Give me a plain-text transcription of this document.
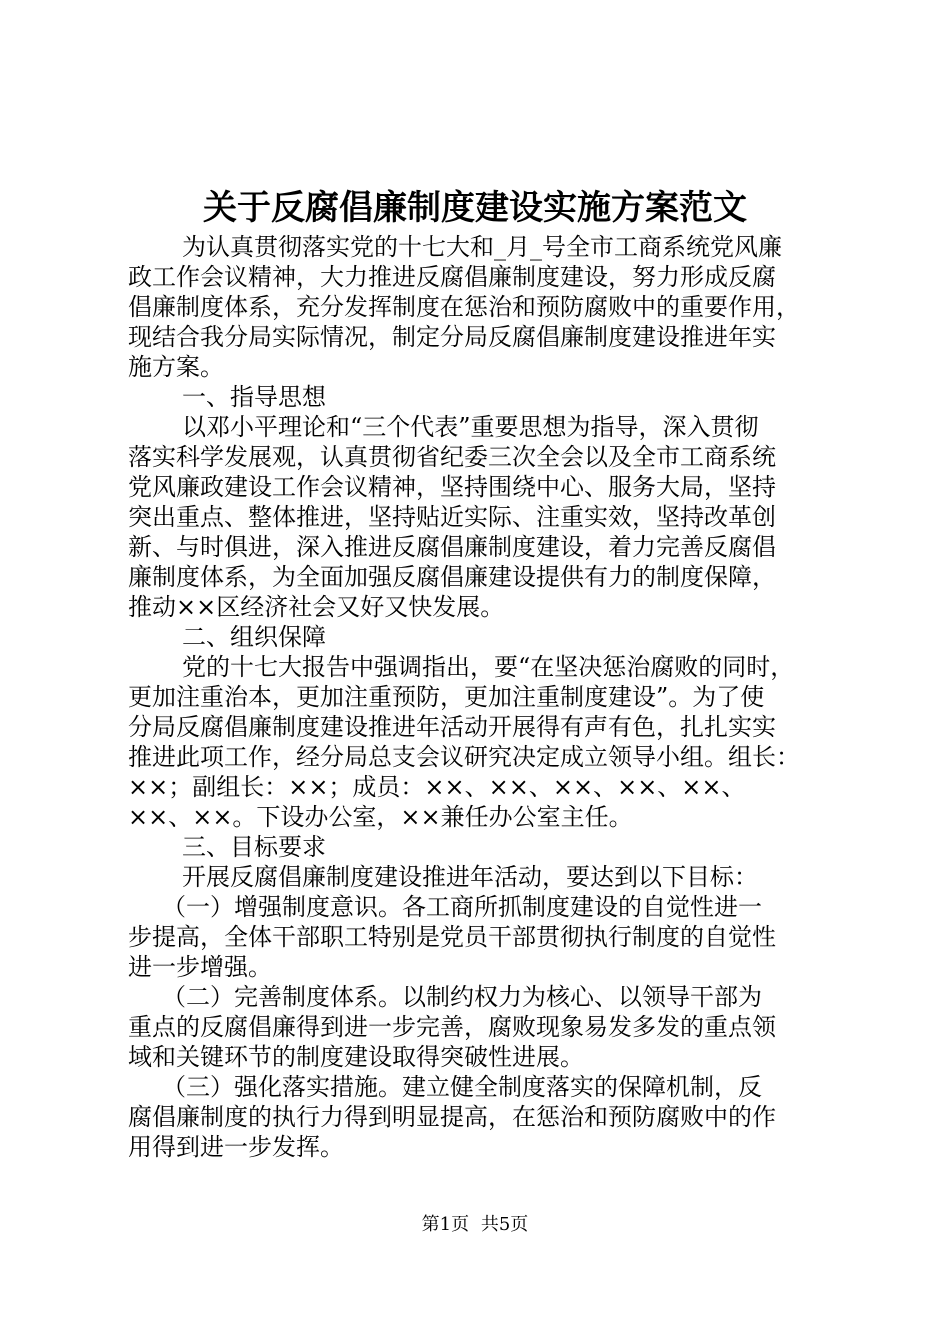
关于反腐倡廉制度建设实施方案范文
为认真贯彻落实党的十七大和_月_号全市工商系统党风廉
政工作会议精神，大力推进反腐倡廉制度建设，努力形成反腐
倡廉制度体系，充分发挥制度在惩治和预防腐败中的重要作用，
现结合我分局实际情况，制定分局反腐倡廉制度建设推进年实
施方案。
一、指导思想
以邓小平理论和“三个代表”重要思想为指导，深入贯彻
落实科学发展观，认真贯彻省纪委三次全会以及全市工商系统
党风廉政建设工作会议精神，坚持围绕中心、服务大局，坚持
突出重点、整体推进，坚持贴近实际、注重实效，坚持改革创
新、与时俱进，深入推进反腐倡廉制度建设，着力完善反腐倡
廉制度体系，为全面加强反腐倡廉建设提供有力的制度保障，
推动××区经济社会又好又快发展。
二、组织保障
党的十七大报告中强调指出，要“在坚决惩治腐败的同时，
更加注重治本，更加注重预防，更加注重制度建设”。为了使
分局反腐倡廉制度建设推进年活动开展得有声有色，扎扎实实
推进此项工作，经分局总支会议研究决定成立领导小组。组长：
××；副组长：××；成员：××、××、××、××、××、
××、××。下设办公室，××兼任办公室主任。
三、目标要求
开展反腐倡廉制度建设推进年活动，要达到以下目标：
（一）增强制度意识。各工商所抓制度建设的自觉性进一
步提高，全体干部职工特别是党员干部贯彻执行制度的自觉性
进一步增强。
（二）完善制度体系。以制约权力为核心、以领导干部为
重点的反腐倡廉得到进一步完善，腐败现象易发多发的重点领
域和关键环节的制度建设取得突破性进展。
（三）强化落实措施。建立健全制度落实的保障机制，反
腐倡廉制度的执行力得到明显提高，在惩治和预防腐败中的作
用得到进一步发挥。
第1页 共5页
